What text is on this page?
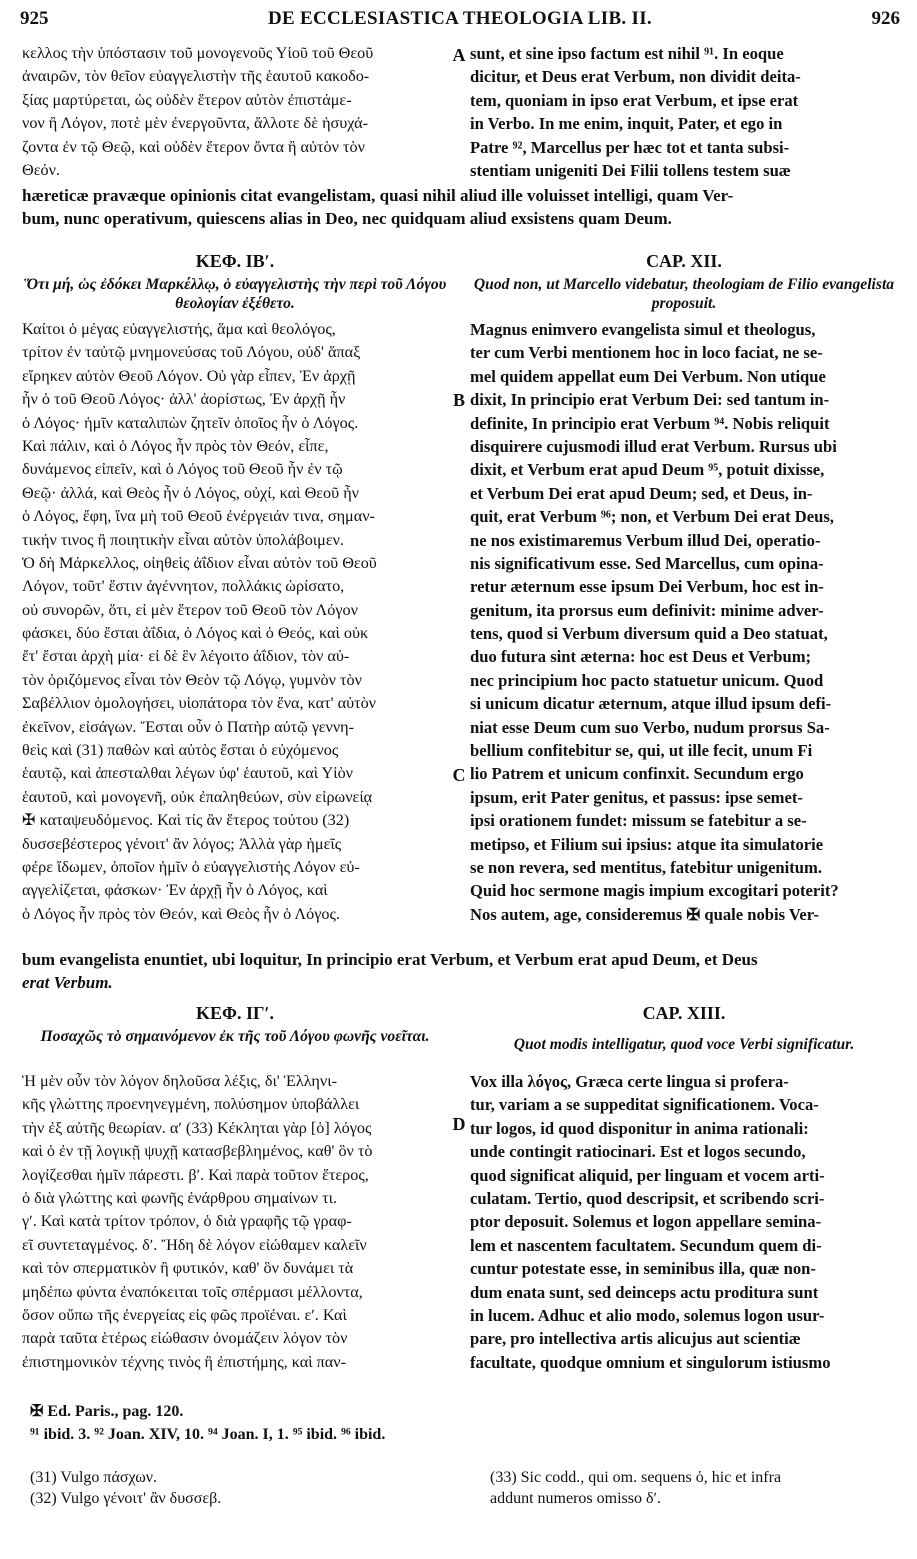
925	DE ECCLESIASTICA THEOLOGIA LIB. II.	926
κελλος τὴν ὑπόστασιν τοῦ μονογενοῦς Υἱοῦ τοῦ Θεοῦ
ἀναιρῶν, τὸν θεῖον εὐαγγελιστὴν τῆς ἑαυτοῦ κακοδο-
ξίας μαρτύρεται, ὡς οὐδὲν ἕτερον αὐτὸν ἐπιστάμε-
νον ἢ Λόγον, ποτὲ μὲν ἐνεργοῦντα, ἄλλοτε δὲ ἡσυχά-
ζοντα ἐν τῷ Θεῷ, καὶ οὐδὲν ἕτερον ὄντα ἢ αὐτὸν τὸν
Θεόν.
sunt, et sine ipso factum est nihil ⁹¹. In eoque
dicitur, et Deus erat Verbum, non dividit deita-
tem, quoniam in ipso erat Verbum, et ipse erat
in Verbo. In me enim, inquit, Pater, et ego in
Patre ⁹², Marcellus per hæc tot et tanta subsi-
stentiam unigeniti Dei Filii tollens testem suæ
A
hæreticæ pravæque opinionis citat evangelistam, quasi nihil aliud ille voluisset intelligi, quam Ver-
bum, nunc operativum, quiescens alias in Deo, nec quidquam aliud exsistens quam Deum.
ΚΕΦ. ΙΒʹ.
Ὅτι μή, ὡς ἐδόκει Μαρκέλλῳ, ὁ εὐαγγελιστὴς τὴν περὶ τοῦ Λόγου θεολογίαν ἐξέθετο.
CAP. XII.
Quod non, ut Marcello videbatur, theologiam de Filio evangelista proposuit.
Καίτοι ὁ μέγας εὐαγγελιστής, ἅμα καὶ θεολόγος,
τρίτον ἐν ταὐτῷ μνημονεύσας τοῦ Λόγου, οὐδ' ἅπαξ
εἴρηκεν αὐτὸν Θεοῦ Λόγον. Οὐ γὰρ εἶπεν, Ἐν ἀρχῇ
ἦν ὁ τοῦ Θεοῦ Λόγος· ἀλλ' ἀορίστως, Ἐν ἀρχῇ ἦν
ὁ Λόγος· ἡμῖν καταλιπὼν ζητεῖν ὁποῖος ἦν ὁ Λόγος.
Καὶ πάλιν, καὶ ὁ Λόγος ἦν πρὸς τὸν Θεόν, εἶπε,
δυνάμενος εἰπεῖν, καὶ ὁ Λόγος τοῦ Θεοῦ ἦν ἐν τῷ
Θεῷ· ἀλλά, καὶ Θεὸς ἦν ὁ Λόγος, οὐχί, καὶ Θεοῦ ἦν
ὁ Λόγος, ἔφη, ἵνα μὴ τοῦ Θεοῦ ἐνέργειάν τινα, σημαν-
τικήν τινος ἢ ποιητικὴν εἶναι αὐτὸν ὑπολάβοιμεν.
Ὁ δὴ Μάρκελλος, οἰηθεὶς ἀΐδιον εἶναι αὐτὸν τοῦ Θεοῦ
Λόγον, τοῦτ' ἔστιν ἀγέννητον, πολλάκις ὡρίσατο,
οὐ συνορῶν, ὅτι, εἰ μὲν ἕτερον τοῦ Θεοῦ τὸν Λόγον
φάσκει, δύο ἔσται ἀΐδια, ὁ Λόγος καὶ ὁ Θεός, καὶ οὐκ
ἔτ' ἔσται ἀρχὴ μία· εἰ δὲ ἓν λέγοιτο ἀΐδιον, τὸν αὐ-
τὸν ὁριζόμενος εἶναι τὸν Θεὸν τῷ Λόγῳ, γυμνὸν τὸν
Σαβέλλιον ὁμολογήσει, υἱοπάτορα τὸν ἕνα, κατ' αὐτὸν
ἐκεῖνον, εἰσάγων. Ἔσται οὖν ὁ Πατὴρ αὐτῷ γεννη-
θεὶς καὶ (31) παθὼν καὶ αὐτὸς ἔσται ὁ εὐχόμενος
ἑαυτῷ, καὶ ἀπεσταλθαι λέγων ὑφ' ἑαυτοῦ, καὶ Υἱὸν
ἑαυτοῦ, καὶ μονογενῆ, οὐκ ἐπαληθεύων, σὺν εἰρωνείᾳ
✠ καταψευδόμενος. Καὶ τίς ἂν ἕτερος τούτου (32)
δυσσεβέστερος γένοιτ' ἂν λόγος; Ἀλλὰ γὰρ ἡμεῖς
φέρε ἴδωμεν, ὁποῖον ἡμῖν ὁ εὐαγγελιστὴς Λόγον εὐ-
αγγελίζεται, φάσκων· Ἐν ἀρχῇ ἦν ὁ Λόγος, καὶ
ὁ Λόγος ἦν πρὸς τὸν Θεόν, καὶ Θεὸς ἦν ὁ Λόγος.
Magnus enimvero evangelista simul et theologus,
ter cum Verbi mentionem hoc in loco faciat, ne se-
mel quidem appellat eum Dei Verbum. Non utique
dixit, In principio erat Verbum Dei: sed tantum in-
definite, In principio erat Verbum ⁹⁴. Nobis reliquit
disquirere cujusmodi illud erat Verbum. Rursus ubi
dixit, et Verbum erat apud Deum ⁹⁵, potuit dixisse,
et Verbum Dei erat apud Deum; sed, et Deus, in-
quit, erat Verbum ⁹⁶; non, et Verbum Dei erat Deus,
ne nos existimaremus Verbum illud Dei, operatio-
nis significativum esse. Sed Marcellus, cum opina-
retur æternum esse ipsum Dei Verbum, hoc est in-
genitum, ita prorsus eum definivit: minime adver-
tens, quod si Verbum diversum quid a Deo statuat,
duo futura sint æterna: hoc est Deus et Verbum;
nec principium hoc pacto statuetur unicum. Quod
si unicum dicatur æternum, atque illud ipsum defi-
niat esse Deum cum suo Verbo, nudum prorsus Sa-
bellium confitebitur se, qui, ut ille fecit, unum Fi
lio Patrem et unicum confinxit. Secundum ergo
ipsum, erit Pater genitus, et passus: ipse semet-
ipsi orationem fundet: missum se fatebitur a se-
metipso, et Filium sui ipsius: atque ita simulatorie
se non revera, sed mentitus, fatebitur unigenitum.
Quid hoc sermone magis impium excogitari poterit?
Nos autem, age, consideremus ✠ quale nobis Ver-
B
C
bum evangelista enuntiet, ubi loquitur, In principio erat Verbum, et Verbum erat apud Deum, et Deus
erat Verbum.
ΚΕΦ. ΙΓʹ.
Ποσαχῶς τὸ σημαινόμενον ἐκ τῆς τοῦ Λόγου φωνῆς νοεῖται.
CAP. XIII.
Quot modis intelligatur, quod voce Verbi significatur.
Ἡ μὲν οὖν τὸν λόγον δηλοῦσα λέξις, δι' Ἑλληνι-
κῆς γλώττης προενηνεγμένη, πολύσημον ὑποβάλλει
τὴν ἐξ αὐτῆς θεωρίαν. αʹ (33) Κέκληται γὰρ [ὁ] λόγος
καὶ ὁ ἐν τῇ λογικῇ ψυχῇ κατασβεβλημένος, καθ' ὃν τὸ
λογίζεσθαι ἡμῖν πάρεστι. βʹ. Καὶ παρὰ τοῦτον ἕτερος,
ὁ διὰ γλώττης καὶ φωνῆς ἐνάρθρου σημαίνων τι.
γʹ. Καὶ κατὰ τρίτον τρόπον, ὁ διὰ γραφῆς τῷ γραφ-
εῖ συντεταγμένος. δʹ. Ἤδη δὲ λόγον εἰώθαμεν καλεῖν
καὶ τὸν σπερματικὸν ἢ φυτικόν, καθ' ὃν δυνάμει τὰ
μηδέπω φύντα ἐναπόκειται τοῖς σπέρμασι μέλλοντα,
ὅσον οὔπω τῆς ἐνεργείας εἰς φῶς προϊέναι. εʹ. Καὶ
παρὰ ταῦτα ἑτέρως εἰώθασιν ὀνομάζειν λόγον τὸν
ἐπιστημονικὸν τέχνης τινὸς ἢ ἐπιστήμης, καὶ παν-
Vox illa λόγος, Græca certe lingua si profera-
tur, variam a se suppeditat significationem. Voca-
tur logos, id quod disponitur in anima rationali:
unde contingit ratiocinari. Est et logos secundo,
quod significat aliquid, per linguam et vocem arti-
culatam. Tertio, quod descripsit, et scribendo scri-
ptor deposuit. Solemus et logon appellare semina-
lem et nascentem facultatem. Secundum quem di-
cuntur potestate esse, in seminibus illa, quæ non-
dum enata sunt, sed deinceps actu proditura sunt
in lucem. Adhuc et alio modo, solemus logon usur-
pare, pro intellectiva artis alicujus aut scientiæ
facultate, quodque omnium et singulorum istiusmo
D
✠ Ed. Paris., pag. 120.
⁹¹ ibid. 3. ⁹² Joan. XIV, 10. ⁹⁴ Joan. I, 1. ⁹⁵ ibid. ⁹⁶ ibid.
(31) Vulgo πάσχων.
(32) Vulgo γένοιτ' ἂν δυσσεβ.
(33) Sic codd., qui om. sequens ὁ, hic et infra
addunt numeros omisso δʹ.
